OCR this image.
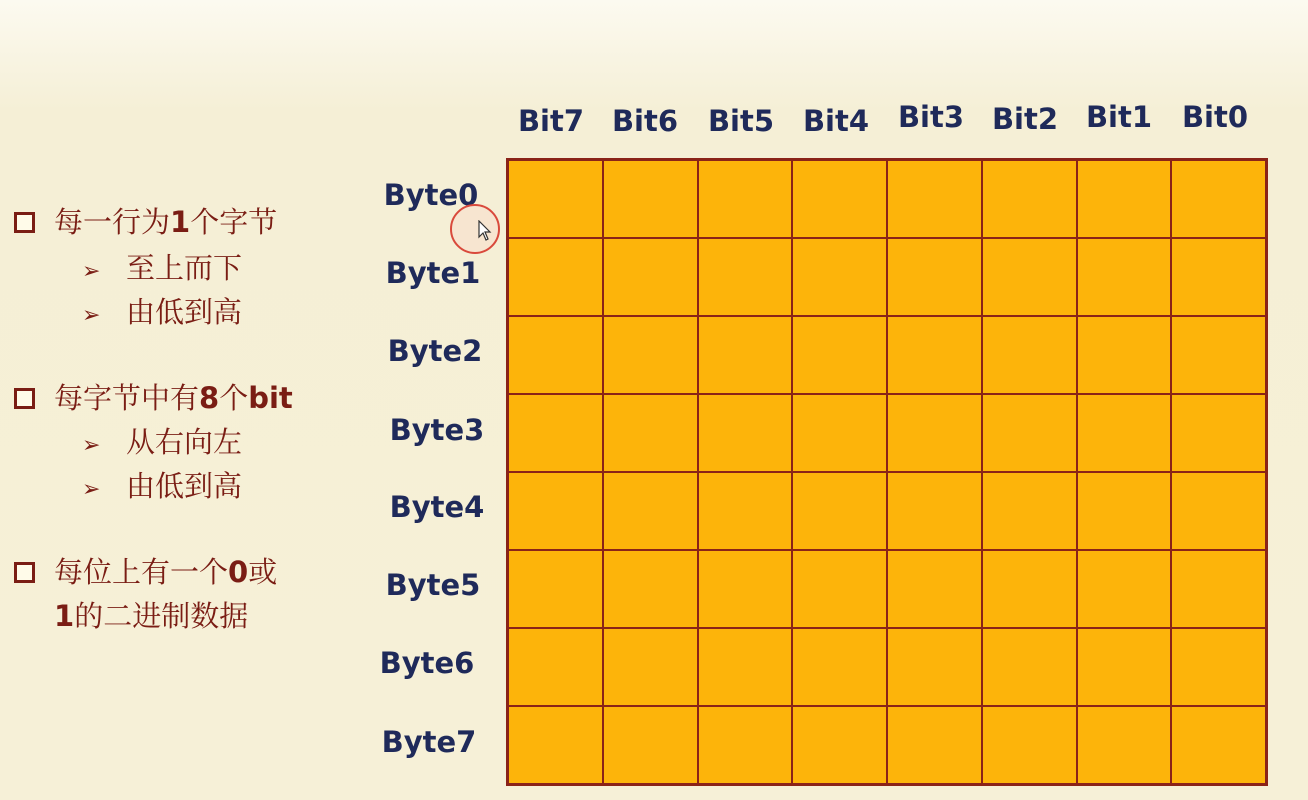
每一行为1个字节
➢ 至上而下
➢ 由低到高
每字节中有8个bit
➢ 从右向左
➢ 由低到高
每位上有一个0或
1的二进制数据
Bit7 Bit6	Bit5 Bit4 Bit3 Bit2 Bit1	Bit0
Byte0
Byte1
Byte2
Byte3
Byte4
Byte5
Byte6
Byte7
